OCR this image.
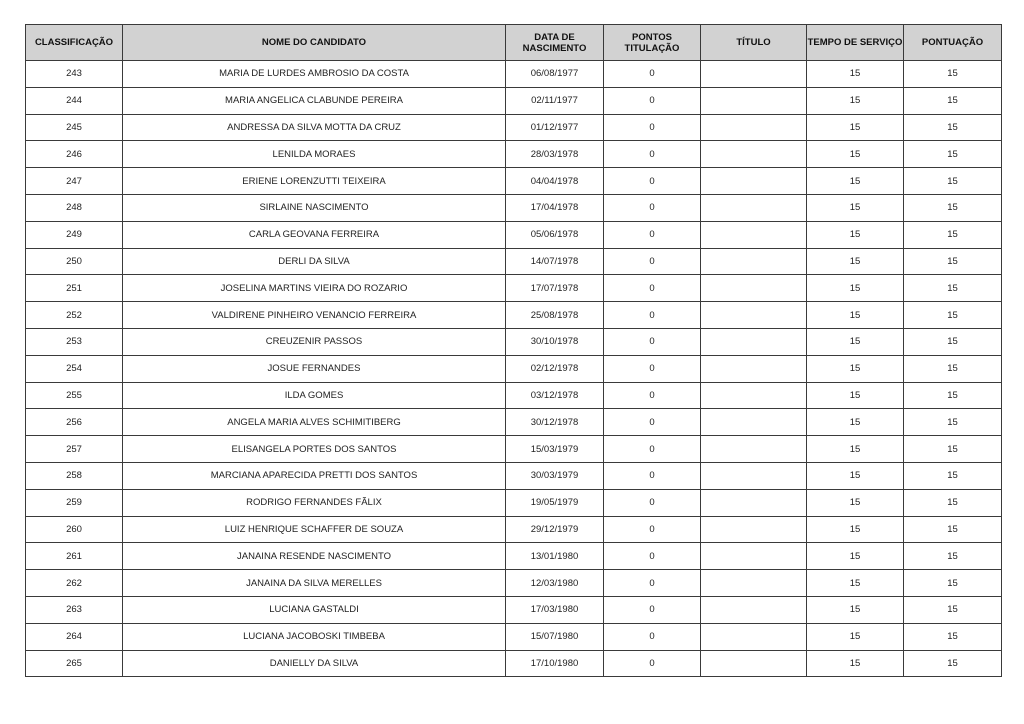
CLASSIFICAÇÃO	NOME DO CANDIDATO	DATA DE NASCIMENTO	PONTOS TITULAÇÃO	TÍTULO	TEMPO DE SERVIÇO	PONTUAÇÃO
243	MARIA DE LURDES AMBROSIO DA COSTA	06/08/1977	0		15	15
244	MARIA ANGELICA CLABUNDE PEREIRA	02/11/1977	0		15	15
245	ANDRESSA DA SILVA MOTTA DA CRUZ	01/12/1977	0		15	15
246	LENILDA MORAES	28/03/1978	0		15	15
247	ERIENE LORENZUTTI TEIXEIRA	04/04/1978	0		15	15
248	SIRLAINE NASCIMENTO	17/04/1978	0		15	15
249	CARLA GEOVANA FERREIRA	05/06/1978	0		15	15
250	DERLI DA SILVA	14/07/1978	0		15	15
251	JOSELINA MARTINS VIEIRA DO ROZARIO	17/07/1978	0		15	15
252	VALDIRENE PINHEIRO VENANCIO FERREIRA	25/08/1978	0		15	15
253	CREUZENIR PASSOS	30/10/1978	0		15	15
254	JOSUE FERNANDES	02/12/1978	0		15	15
255	ILDA GOMES	03/12/1978	0		15	15
256	ANGELA MARIA ALVES SCHIMITIBERG	30/12/1978	0		15	15
257	ELISANGELA PORTES DOS SANTOS	15/03/1979	0		15	15
258	MARCIANA APARECIDA PRETTI DOS SANTOS	30/03/1979	0		15	15
259	RODRIGO FERNANDES FÃLIX	19/05/1979	0		15	15
260	LUIZ HENRIQUE SCHAFFER DE SOUZA	29/12/1979	0		15	15
261	JANAINA RESENDE NASCIMENTO	13/01/1980	0		15	15
262	JANAINA DA SILVA MERELLES	12/03/1980	0		15	15
263	LUCIANA GASTALDI	17/03/1980	0		15	15
264	LUCIANA JACOBOSKI TIMBEBA	15/07/1980	0		15	15
265	DANIELLY DA SILVA	17/10/1980	0		15	15
